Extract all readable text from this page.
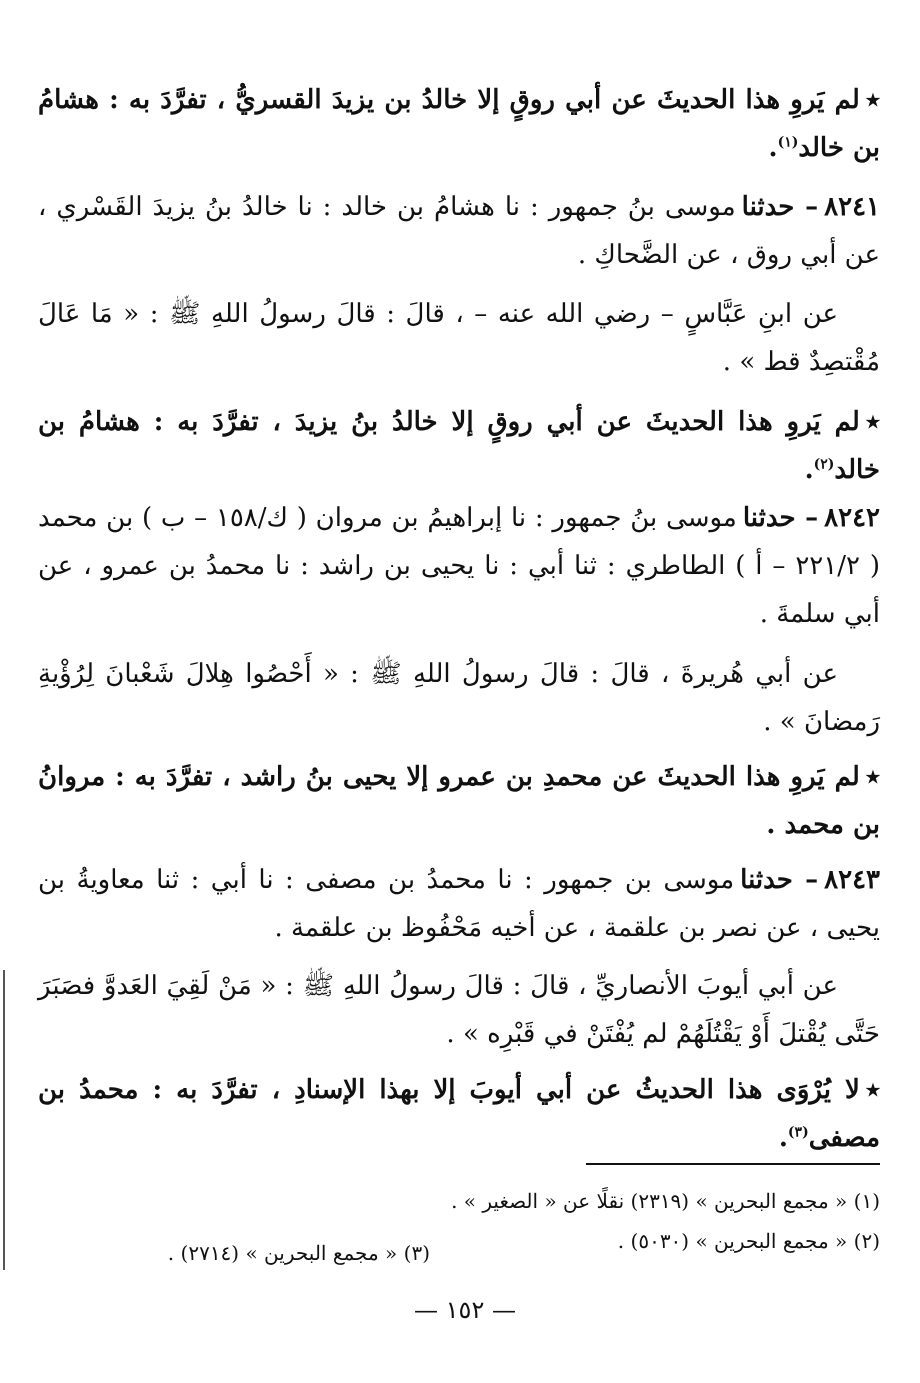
٭لم يَروِ هذا الحديثَ عن أبي روقٍ إلا خالدُ بن يزيدَ القسريُّ ، تفرَّدَ به : هشامُ بن خالد$^{(١)}$.

٨٢٤١– حدثناموسى بنُ جمهور : نا هشامُ بن خالد : نا خالدُ بنُ يزيدَ القَسْري ، عن أبي روق ، عن الضَّحاكِ .

عن ابنِ عَبَّاسٍ – رضي الله عنه – ، قالَ : قالَ رسولُ اللهِ ﷺ : « مَا عَالَ مُقْتصِدٌ قط » .

٭لم يَروِ هذا الحديثَ عن أبي روقٍ إلا خالدُ بنُ يزيدَ ، تفرَّدَ به : هشامُ بن خالد$^{(٢)}$.

٨٢٤٢– حدثناموسى بنُ جمهور : نا إبراهيمُ بن مروان ( ك/١٥٨ – ب ) بن محمد ( ٢٢١/٢ – أ ) الطاطري : ثنا أبي : نا يحيى بن راشد : نا محمدُ بن عمرو ، عن أبي سلمةَ .

عن أبي هُريرةَ ، قالَ : قالَ رسولُ اللهِ ﷺ : « أَحْصُوا هِلالَ شَعْبانَ لِرُؤْيةِ رَمضانَ » .

٭لم يَروِ هذا الحديثَ عن محمدِ بن عمرو إلا يحيى بنُ راشد ، تفرَّدَ به : مروانُ بن محمد .

٨٢٤٣– حدثناموسى بن جمهور : نا محمدُ بن مصفى : نا أبي : ثنا معاويةُ بن يحيى ، عن نصر بن علقمة ، عن أخيه مَحْفُوظ بن علقمة .

عن أبي أيوبَ الأنصاريِّ ، قالَ : قالَ رسولُ اللهِ ﷺ : « مَنْ لَقِيَ العَدوَّ فصَبَرَ حَتَّى يُقْتلَ أَوْ يَقْتُلَهُمْ لم يُفْتَنْ في قَبْرِه » .

٭لا يُرْوَى هذا الحديثُ عن أبي أيوبَ إلا بهذا الإسنادِ ، تفرَّدَ به : محمدُ بن مصفى$^{(٣)}$.

(١) « مجمع البحرين » (٢٣١٩) نقلًا عن « الصغير » .

(٢) « مجمع البحرين » (٥٠٣٠) .

(٣) « مجمع البحرين » (٢٧١٤) .

— ١٥٢ —
